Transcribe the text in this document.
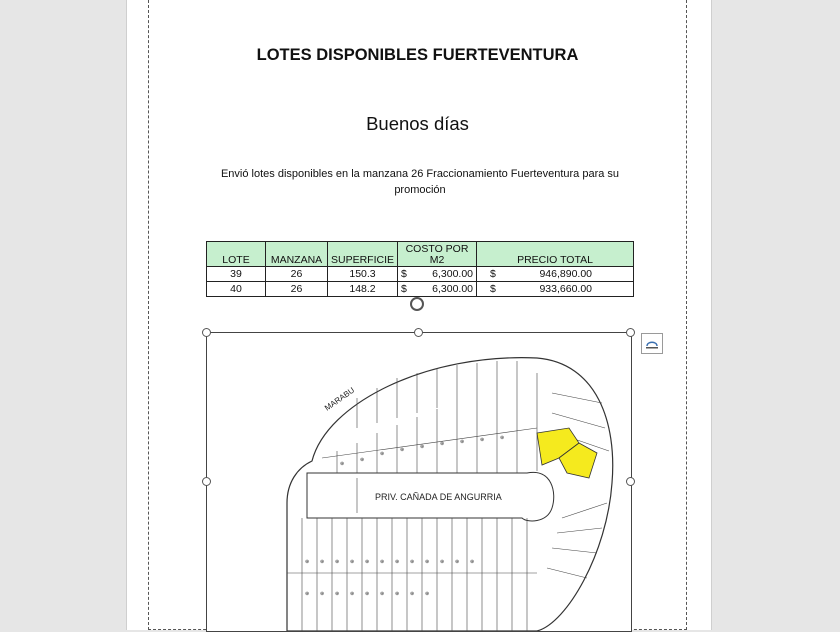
LOTES DISPONIBLES FUERTEVENTURA
Buenos días
Envió lotes disponibles en la manzana 26 Fraccionamiento Fuerteventura para su promoción
LOTE	MANZANA	SUPERFICIE	COSTO POR M2	PRECIO TOTAL
39	26	150.3	$ 6,300.00	$ 946,890.00

40	26	148.2	$ 6,300.00	$ 933,660.00
⊕
⊕
⊕
⊕	⊕	⊕	⊕	⊕	⊕
⊕ ⊕ ⊕ ⊕ ⊕ ⊕ ⊕ ⊕ ⊕ ⊕ ⊕ ⊕
⊕ ⊕ ⊕ ⊕ ⊕ ⊕ ⊕ ⊕ ⊕
PRIV. CAÑADA DE ANGURRIA
MARABU
